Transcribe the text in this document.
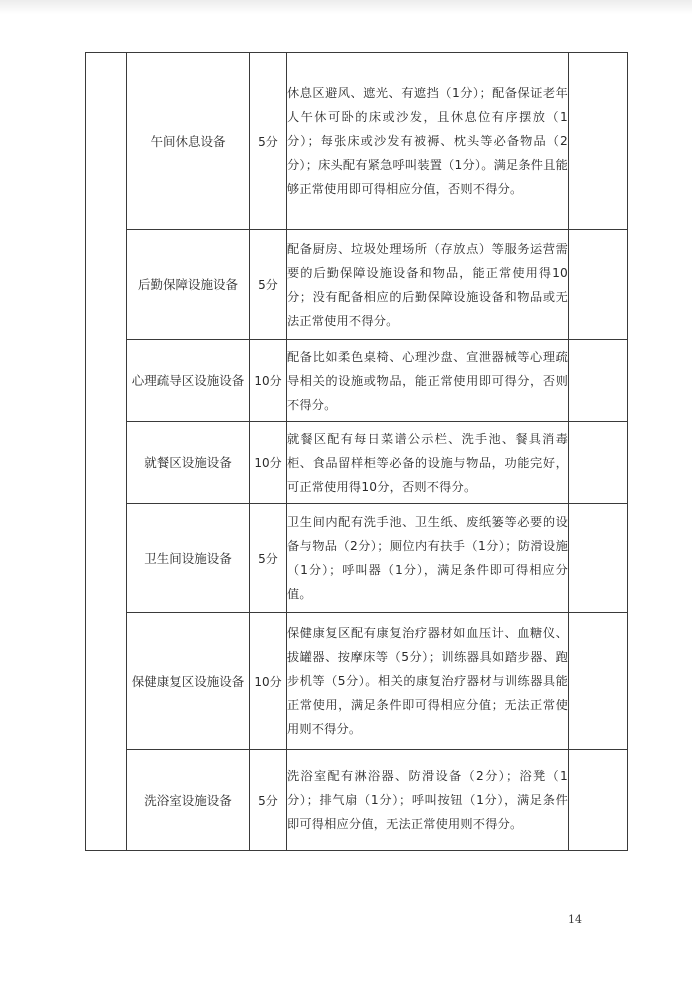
	午间休息设备	5分	休息区避风、遮光、有遮挡（1分）；配备保证老年人午休可卧的床或沙发，且休息位有序摆放（1分）；每张床或沙发有被褥、枕头等必备物品（2分）；床头配有紧急呼叫装置（1分）。满足条件且能够正常使用即可得相应分值，否则不得分。	
	后勤保障设施设备	5分	配备厨房、垃圾处理场所（存放点）等服务运营需要的后勤保障设施设备和物品，能正常使用得10分；没有配备相应的后勤保障设施设备和物品或无法正常使用不得分。	
	心理疏导区设施设备	10分	配备比如柔色桌椅、心理沙盘、宣泄器械等心理疏导相关的设施或物品，能正常使用即可得分，否则不得分。	
	就餐区设施设备	10分	就餐区配有每日菜谱公示栏、洗手池、餐具消毒柜、食品留样柜等必备的设施与物品，功能完好，可正常使用得10分，否则不得分。	
	卫生间设施设备	5分	卫生间内配有洗手池、卫生纸、废纸篓等必要的设备与物品（2分）；厕位内有扶手（1分）；防滑设施（1分）；呼叫器（1分），满足条件即可得相应分值。	
	保健康复区设施设备	10分	保健康复区配有康复治疗器材如血压计、血糖仪、拔罐器、按摩床等（5分）；训练器具如踏步器、跑步机等（5分）。相关的康复治疗器材与训练器具能正常使用，满足条件即可得相应分值；无法正常使用则不得分。	
	洗浴室设施设备	5分	洗浴室配有淋浴器、防滑设备（2分）；浴凳（1分）；排气扇（1分）；呼叫按钮（1分），满足条件即可得相应分值，无法正常使用则不得分。	
14
